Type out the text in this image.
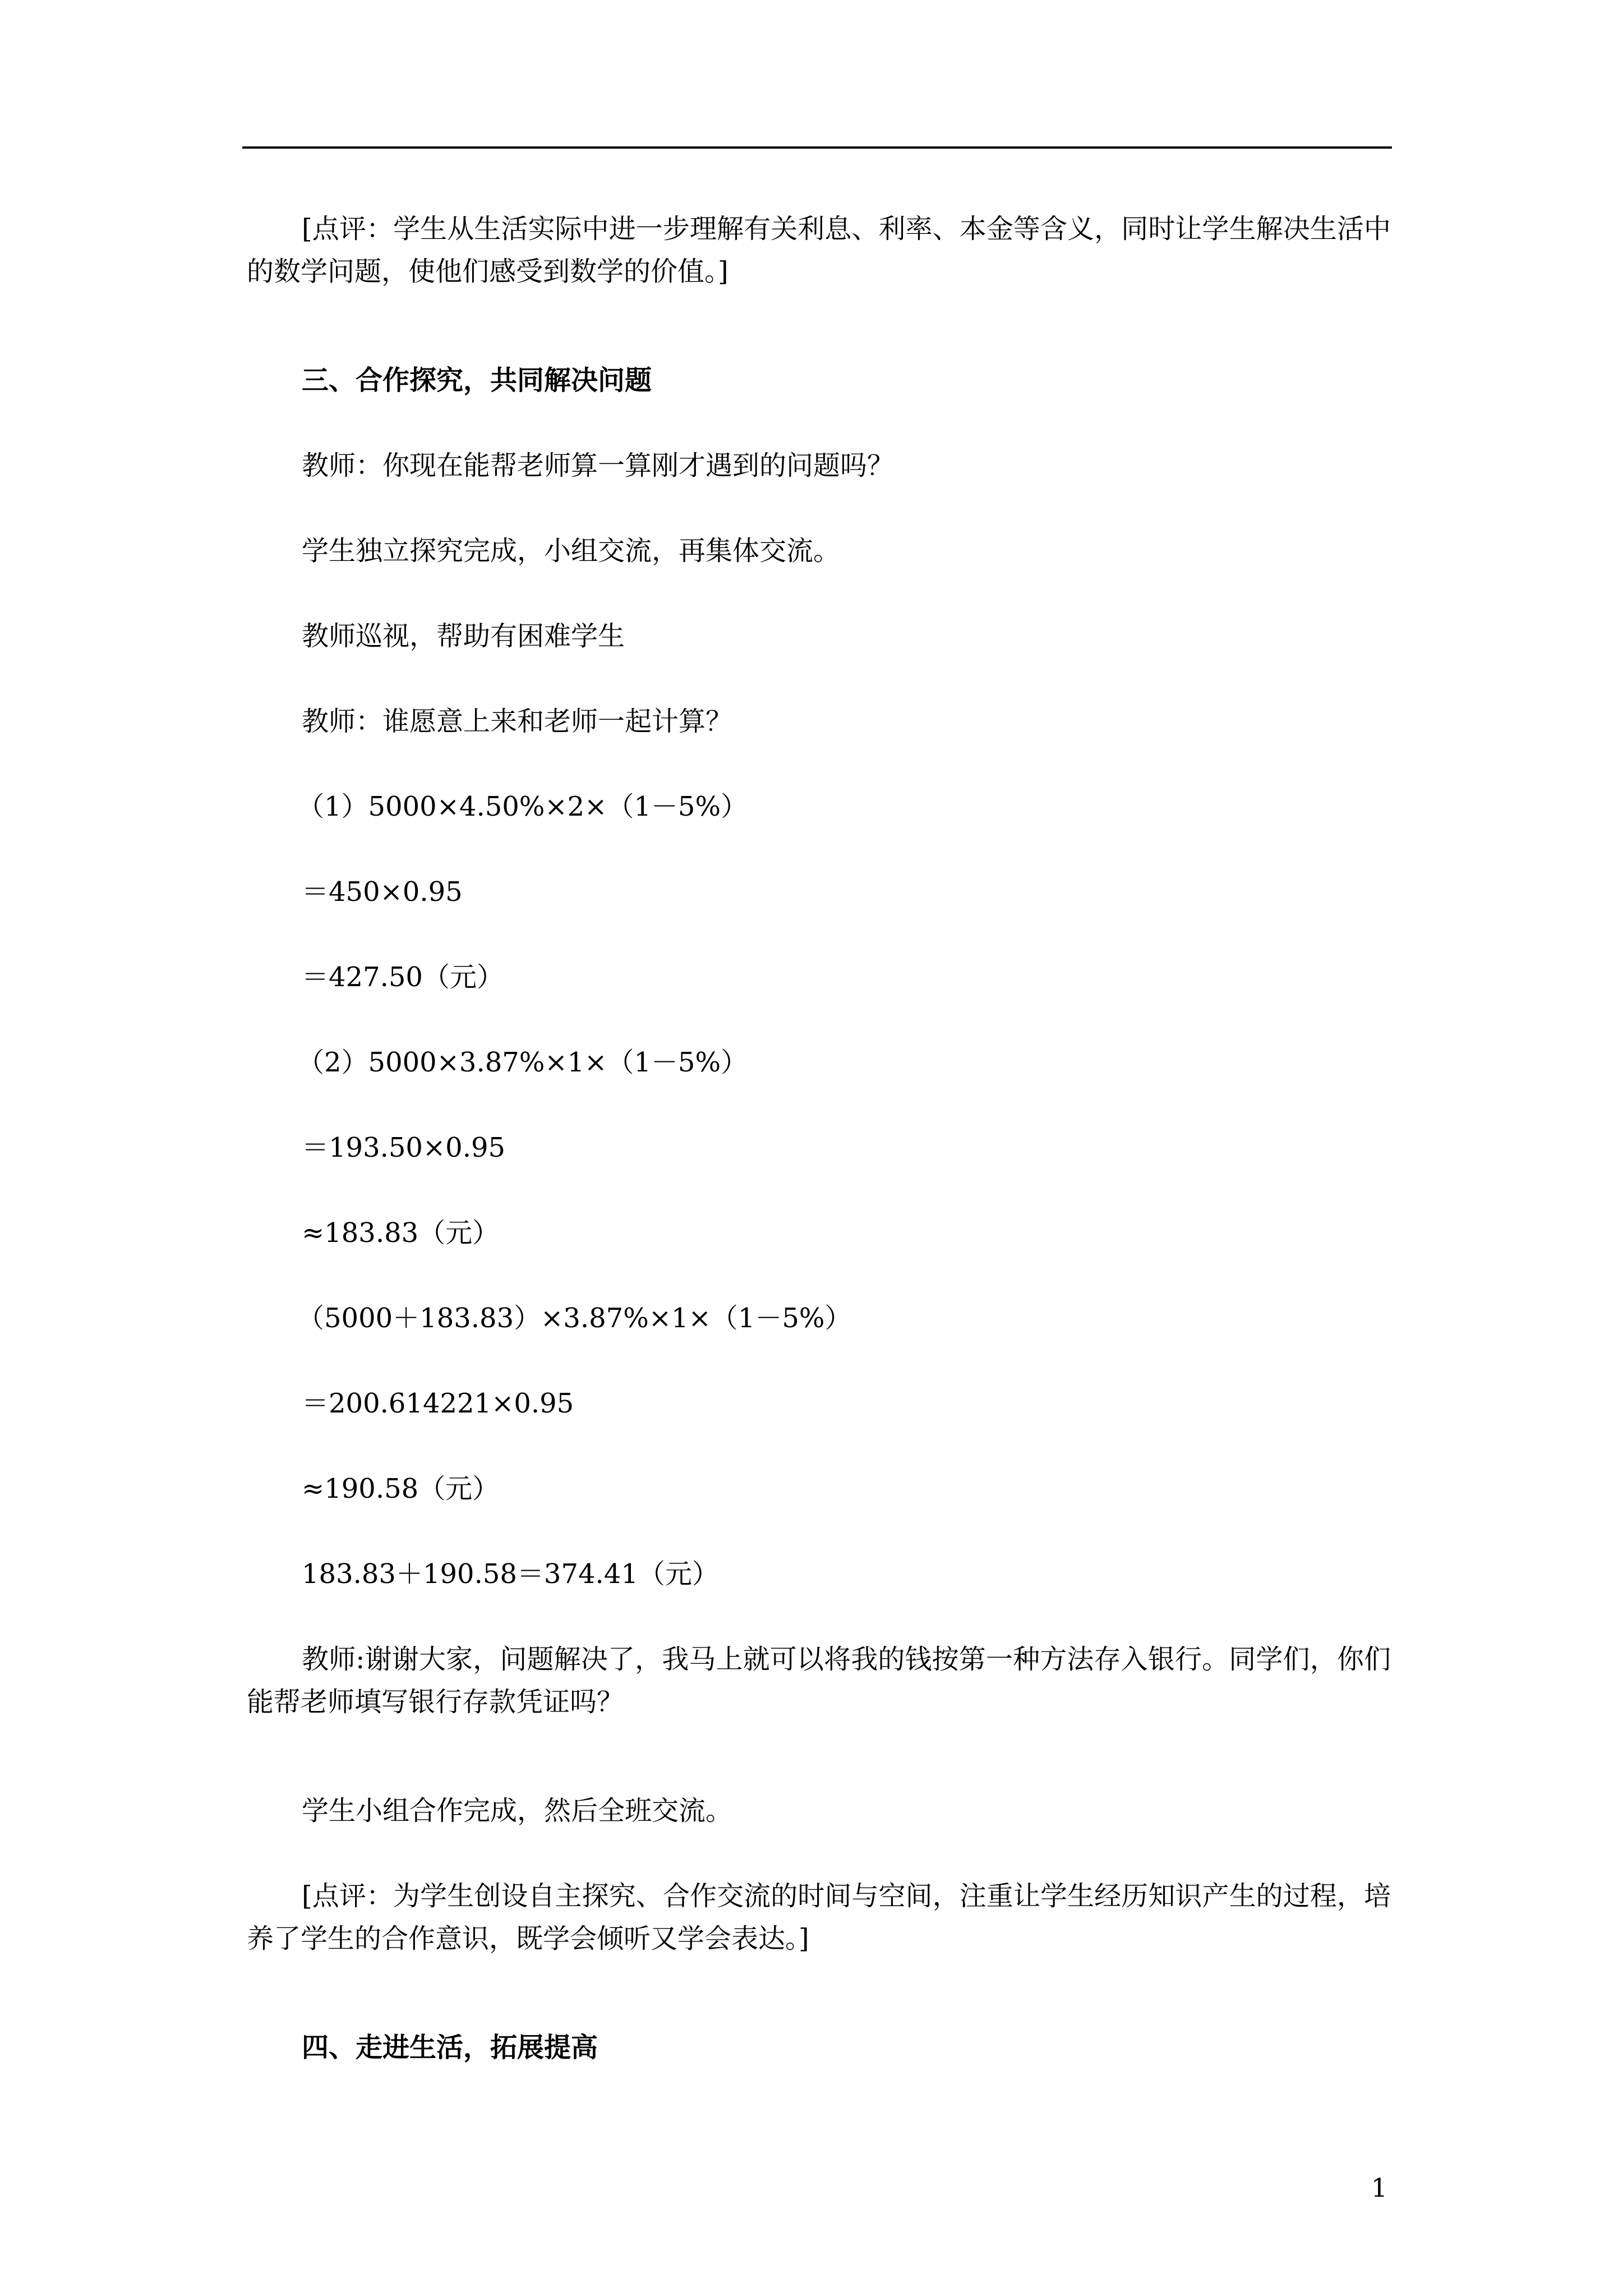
[点评：学生从生活实际中进一步理解有关利息、利率、本金等含义，同时让学生解决生活中的数学问题，使他们感受到数学的价值。]

三、合作探究，共同解决问题

教师：你现在能帮老师算一算刚才遇到的问题吗？

学生独立探究完成，小组交流，再集体交流。

教师巡视，帮助有困难学生

教师：谁愿意上来和老师一起计算？

（1）5000×4.50%×2×（1－5%）

＝450×0.95

＝427.50（元）

（2）5000×3.87%×1×（1－5%）

＝193.50×0.95

≈183.83（元）

（5000＋183.83）×3.87%×1×（1－5%）

＝200.614221×0.95

≈190.58（元）

183.83＋190.58＝374.41（元）

教师:谢谢大家，问题解决了，我马上就可以将我的钱按第一种方法存入银行。同学们，你们能帮老师填写银行存款凭证吗？

学生小组合作完成，然后全班交流。

[点评：为学生创设自主探究、合作交流的时间与空间，注重让学生经历知识产生的过程，培养了学生的合作意识，既学会倾听又学会表达。]

四、走进生活，拓展提高

1
